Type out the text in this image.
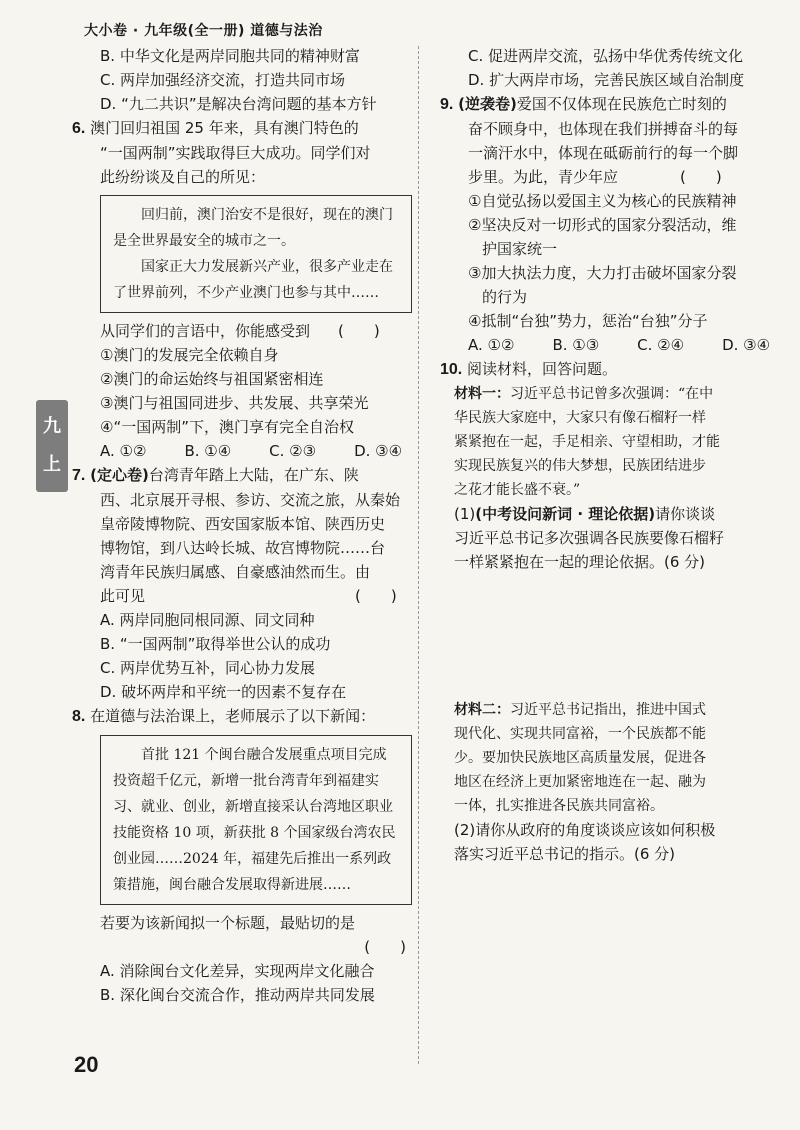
大小卷 · 九年级(全一册) 道德与法治
B. 中华文化是两岸同胞共同的精神财富
C. 两岸加强经济交流，打造共同市场
D. “九二共识”是解决台湾问题的基本方针
6. 澳门回归祖国 25 年来，具有澳门特色的
“一国两制”实践取得巨大成功。同学们对
此纷纷谈及自己的所见：
回归前，澳门治安不是很好，现在的澳门是全世界最安全的城市之一。
国家正大力发展新兴产业，很多产业走在了世界前列，不少产业澳门也参与其中……
从同学们的言语中，你能感受到 (　　)
①澳门的发展完全依赖自身
②澳门的命运始终与祖国紧密相连
③澳门与祖国同进步、共发展、共享荣光
④“一国两制”下，澳门享有完全自治权
A. ①②	B. ①④	C. ②③	D. ③④
7. (定心卷)台湾青年踏上大陆，在广东、陕
西、北京展开寻根、参访、交流之旅，从秦始
皇帝陵博物院、西安国家版本馆、陕西历史
博物馆，到八达岭长城、故宫博物院……台
湾青年民族归属感、自豪感油然而生。由
此可见	(　　)
A. 两岸同胞同根同源、同文同种
B. “一国两制”取得举世公认的成功
C. 两岸优势互补，同心协力发展
D. 破坏两岸和平统一的因素不复存在
8. 在道德与法治课上，老师展示了以下新闻：
首批 121 个闽台融合发展重点项目完成投资超千亿元，新增一批台湾青年到福建实习、就业、创业，新增直接采认台湾地区职业技能资格 10 项，新获批 8 个国家级台湾农民创业园……2024 年，福建先后推出一系列政策措施，闽台融合发展取得新进展……
若要为该新闻拟一个标题，最贴切的是
(　　)
A. 消除闽台文化差异，实现两岸文化融合
B. 深化闽台交流合作，推动两岸共同发展
C. 促进两岸交流，弘扬中华优秀传统文化
D. 扩大两岸市场，完善民族区域自治制度
9. (逆袭卷)爱国不仅体现在民族危亡时刻的
奋不顾身中，也体现在我们拼搏奋斗的每
一滴汗水中，体现在砥砺前行的每一个脚
步里。为此，青少年应	(　　)
①自觉弘扬以爱国主义为核心的民族精神
②坚决反对一切形式的国家分裂活动，维
护国家统一
③加大执法力度，大力打击破坏国家分裂
的行为
④抵制“台独”势力，惩治“台独”分子
A. ①②	B. ①③	C. ②④	D. ③④
10. 阅读材料，回答问题。
材料一：习近平总书记曾多次强调：“在中
华民族大家庭中，大家只有像石榴籽一样
紧紧抱在一起，手足相亲、守望相助，才能
实现民族复兴的伟大梦想，民族团结进步
之花才能长盛不衰。”
(1)(中考设问新词 · 理论依据)请你谈谈
习近平总书记多次强调各民族要像石榴籽
一样紧紧抱在一起的理论依据。(6 分)
材料二：习近平总书记指出，推进中国式
现代化、实现共同富裕，一个民族都不能
少。要加快民族地区高质量发展，促进各
地区在经济上更加紧密地连在一起、融为
一体，扎实推进各民族共同富裕。
(2)请你从政府的角度谈谈应该如何积极
落实习近平总书记的指示。(6 分)
九
上
20
